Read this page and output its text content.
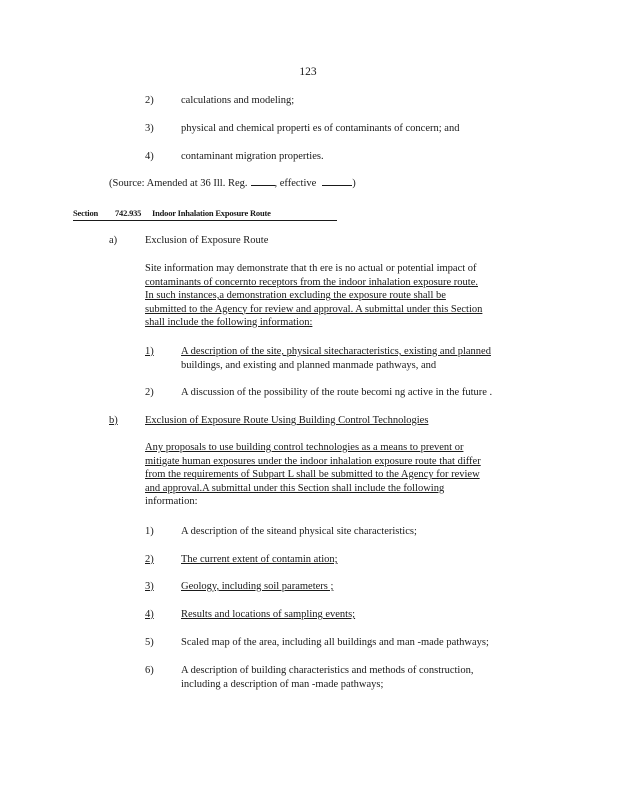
123
2)	calculations and modeling;
3)	physical and chemical properti es of contaminants of concern; and
4)	contaminant migration properties.
(Source: Amended at 36 Ill. Reg.	, effective	)
Section 742.935 Indoor Inhalation Exposure Route
a)	Exclusion of Exposure Route
Site information may demonstrate that th ere is no actual or potential impact of
contaminants of concernto receptors from the indoor inhalation exposure route.
In such instances,a demonstration excluding the exposure route shall be
submitted to the Agency for review and approval. A submittal under this Section
shall include the following information:
1)	A description of the site, physical sitecharacteristics, existing and planned
buildings, and existing and planned manmade pathways, and
2)	A discussion of the possibility of the route becomi ng active in the future .
b)	Exclusion of Exposure Route Using Building Control Technologies
Any proposals to use building control technologies as a means to prevent or
mitigate human exposures under the indoor inhalation exposure route that differ
from the requirements of Subpart L shall be submitted to the Agency for review
and approval.A submittal under this Section shall include the following
information:
1)	A description of the siteand physical site characteristics;
2)	The current extent of contamin ation;
3)	Geology, including soil parameters ;
4)	Results and locations of sampling events;
5)	Scaled map of the area, including all buildings and man -made pathways;
6)	A description of building characteristics and methods of construction,
including a description of man -made pathways;
